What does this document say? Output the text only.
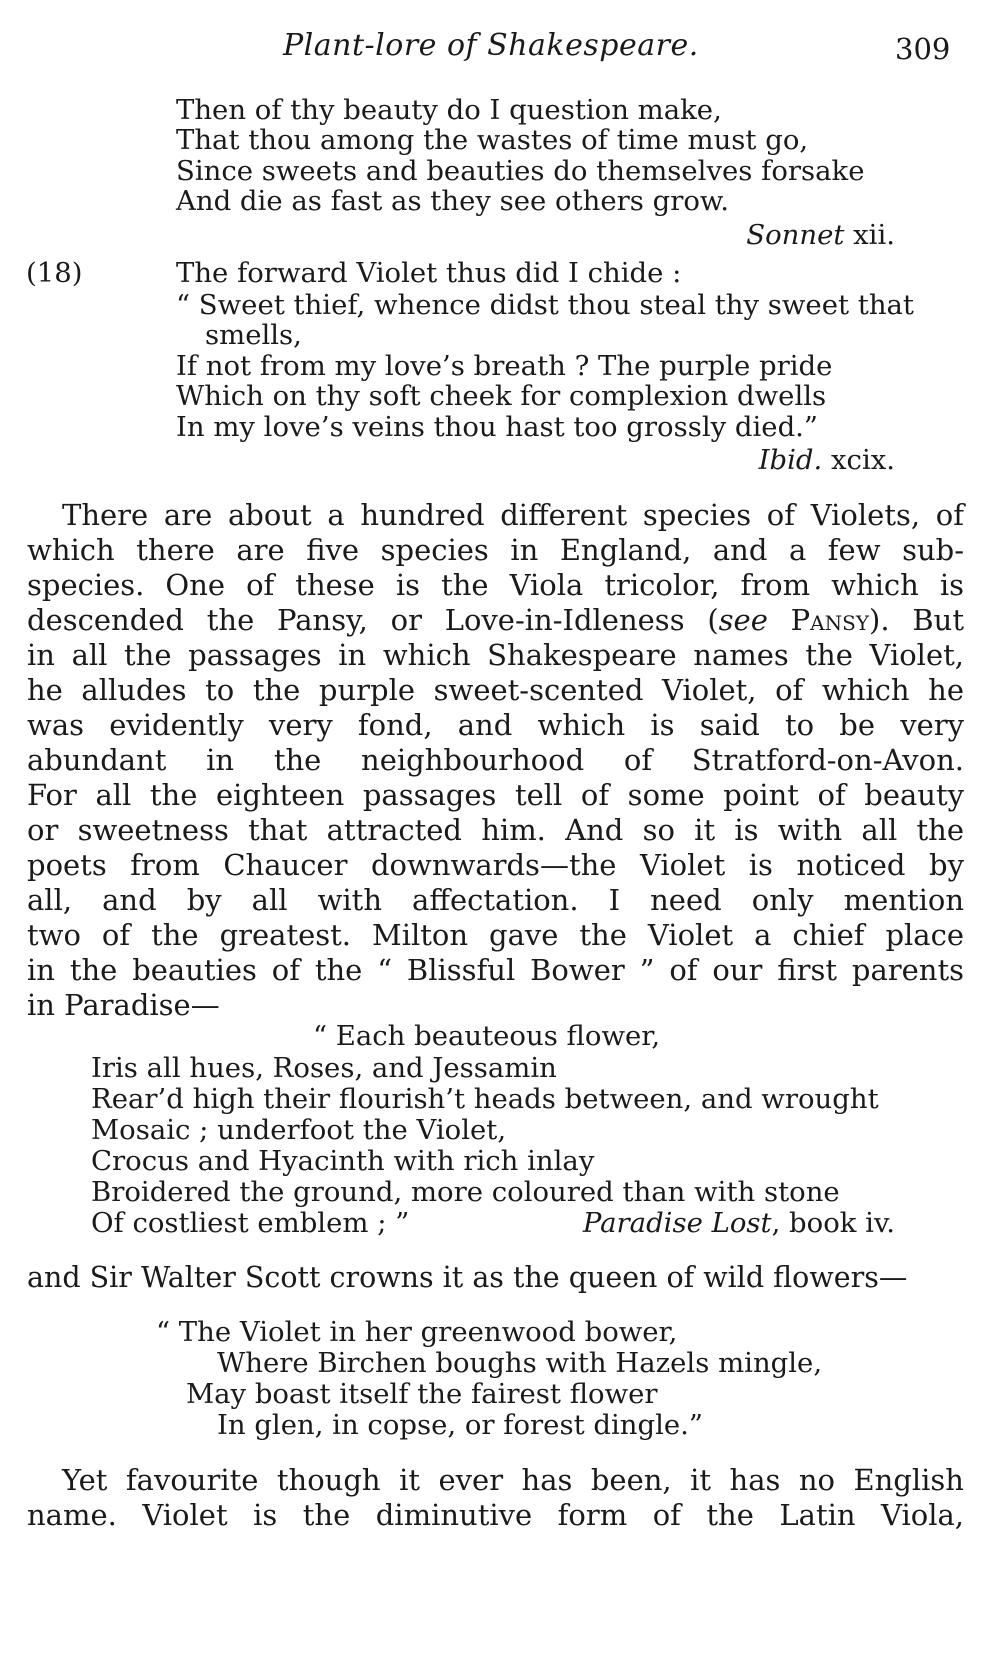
Plant-lore of Shakespeare.	309
Then of thy beauty do I question make,
That thou among the wastes of time must go,
Since sweets and beauties do themselves forsake
And die as fast as they see others grow.
Sonnet xii.
(18)	The forward Violet thus did I chide :
“ Sweet thief, whence didst thou steal thy sweet that
smells,
If not from my love’s breath ? The purple pride
Which on thy soft cheek for complexion dwells
In my love’s veins thou hast too grossly died.”
Ibid. xcix.
There are about a hundred different species of Violets, of
which there are five species in England, and a few sub-
species. One of these is the Viola tricolor, from which is
descended the Pansy, or Love-in-Idleness (see Pansy). But
in all the passages in which Shakespeare names the Violet,
he alludes to the purple sweet-scented Violet, of which he
was evidently very fond, and which is said to be very
abundant in the neighbourhood of Stratford-on-Avon.
For all the eighteen passages tell of some point of beauty
or sweetness that attracted him. And so it is with all the
poets from Chaucer downwards—the Violet is noticed by
all, and by all with affectation. I need only mention
two of the greatest. Milton gave the Violet a chief place
in the beauties of the “ Blissful Bower ” of our first parents
in Paradise—
“ Each beauteous flower,
Iris all hues, Roses, and Jessamin
Rear’d high their flourish’t heads between, and wrought
Mosaic ; underfoot the Violet,
Crocus and Hyacinth with rich inlay
Broidered the ground, more coloured than with stone
Of costliest emblem ; ”	Paradise Lost, book iv.
and Sir Walter Scott crowns it as the queen of wild flowers—
“ The Violet in her greenwood bower,
Where Birchen boughs with Hazels mingle,
May boast itself the fairest flower
In glen, in copse, or forest dingle.”
Yet favourite though it ever has been, it has no English
name. Violet is the diminutive form of the Latin Viola,
